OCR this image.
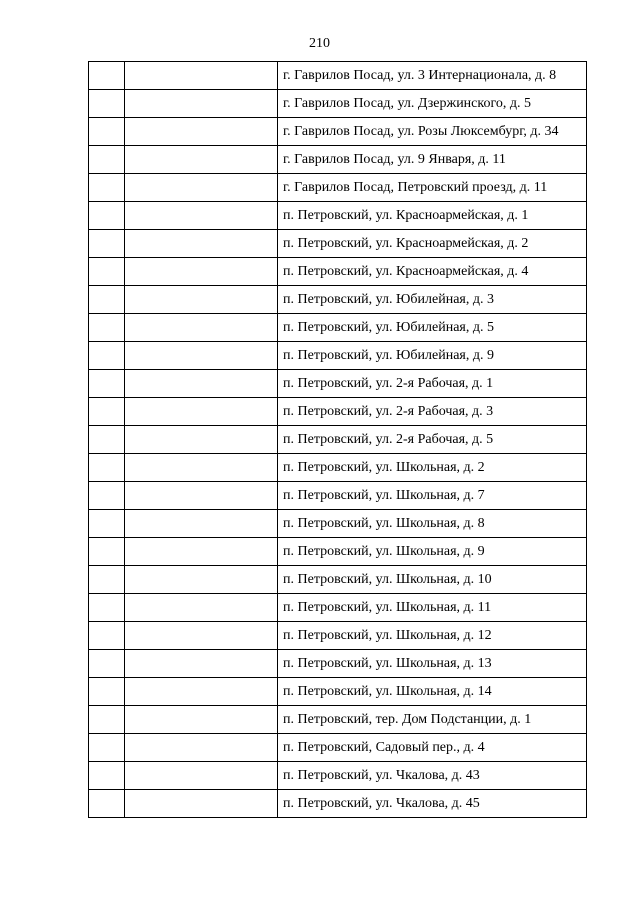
210
		г. Гаврилов Посад, ул. 3 Интернационала, д. 8
		г. Гаврилов Посад, ул. Дзержинского, д. 5
		г. Гаврилов Посад, ул. Розы Люксембург, д. 34
		г. Гаврилов Посад, ул. 9 Января, д. 11
		г. Гаврилов Посад, Петровский проезд, д. 11
		п. Петровский, ул. Красноармейская, д. 1
		п. Петровский, ул. Красноармейская, д. 2
		п. Петровский, ул. Красноармейская, д. 4
		п. Петровский, ул. Юбилейная, д. 3
		п. Петровский, ул. Юбилейная, д. 5
		п. Петровский, ул. Юбилейная, д. 9
		п. Петровский, ул. 2-я Рабочая, д. 1
		п. Петровский, ул. 2-я Рабочая, д. 3
		п. Петровский, ул. 2-я Рабочая, д. 5
		п. Петровский, ул. Школьная, д. 2
		п. Петровский, ул. Школьная, д. 7
		п. Петровский, ул. Школьная, д. 8
		п. Петровский, ул. Школьная, д. 9
		п. Петровский, ул. Школьная, д. 10
		п. Петровский, ул. Школьная, д. 11
		п. Петровский, ул. Школьная, д. 12
		п. Петровский, ул. Школьная, д. 13
		п. Петровский, ул. Школьная, д. 14
		п. Петровский, тер. Дом Подстанции, д. 1
		п. Петровский, Садовый пер., д. 4
		п. Петровский, ул. Чкалова, д. 43
		п. Петровский, ул. Чкалова, д. 45
